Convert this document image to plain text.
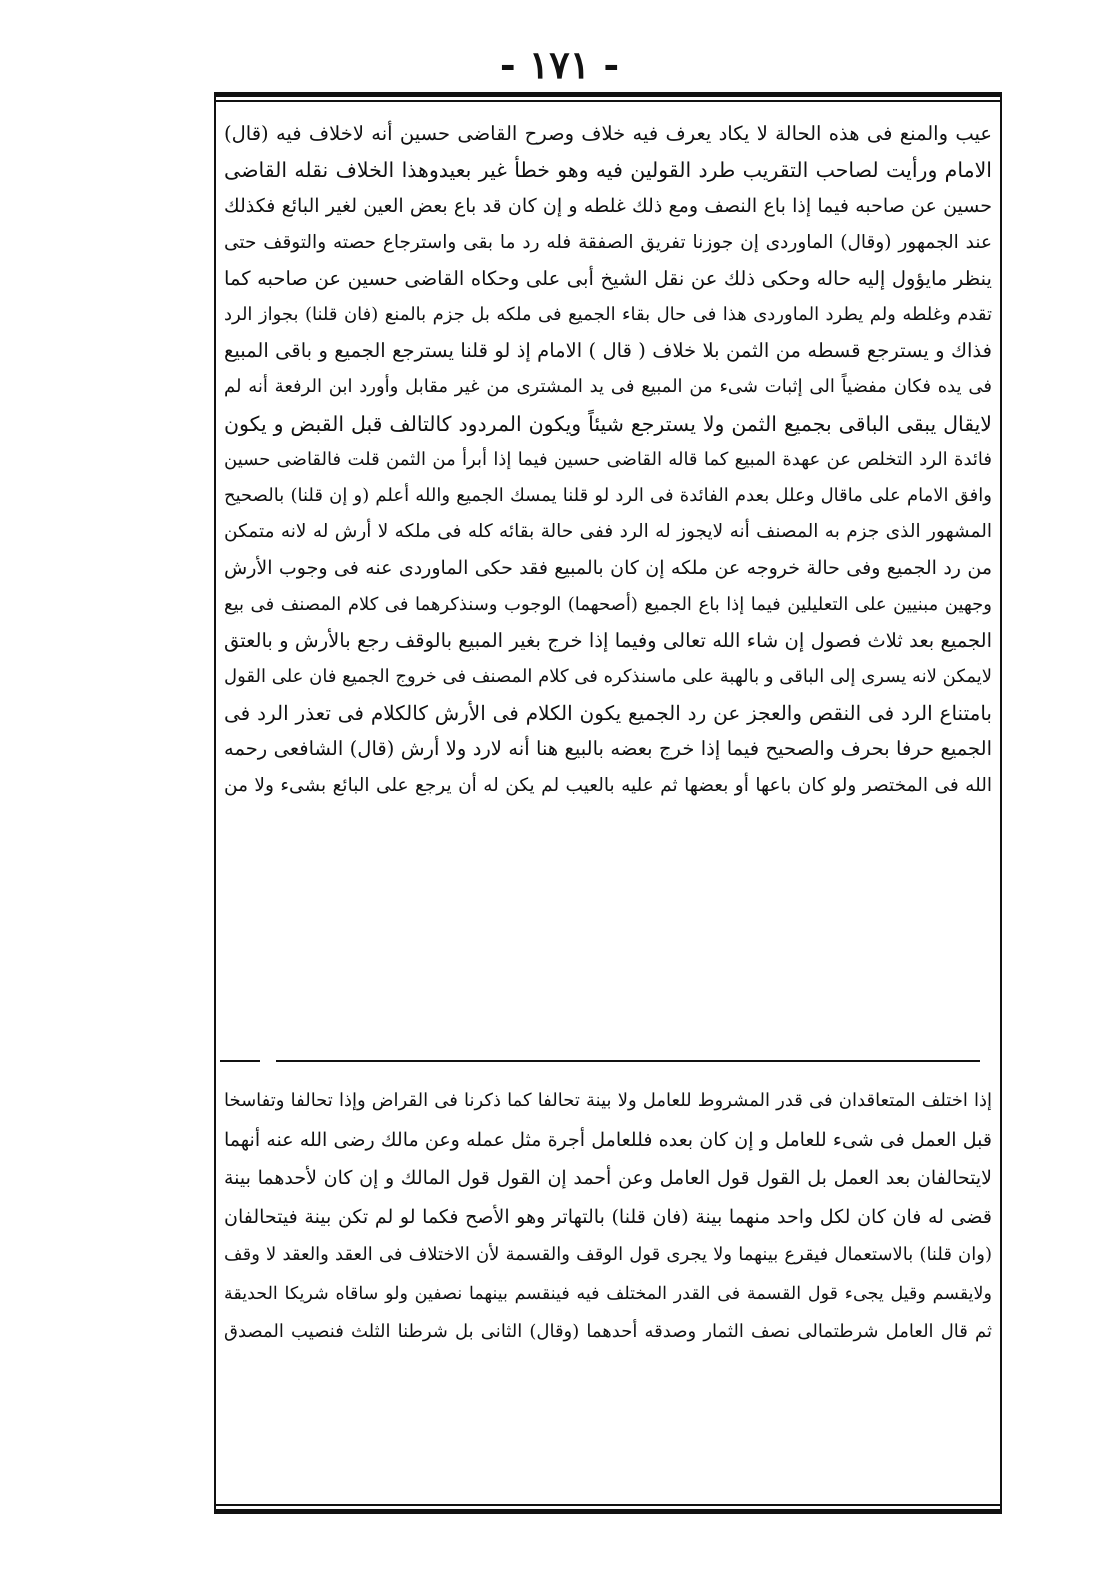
- ١٧١ -
عيب والمنع فى هذه الحالة لا يكاد يعرف فيه خلاف وصرح القاضى حسين أنه لاخلاف فيه (قال)
الامام ورأيت لصاحب التقريب طرد القولين فيه وهو خطأ غير بعيدوهذا الخلاف نقله القاضى
حسين عن صاحبه فيما إذا باع النصف ومع ذلك غلطه و إن كان قد باع بعض العين لغير البائع فكذلك
عند الجمهور (وقال) الماوردى إن جوزنا تفريق الصفقة فله رد ما بقى واسترجاع حصته والتوقف حتى
ينظر مايؤول إليه حاله وحكى ذلك عن نقل الشيخ أبى على وحكاه القاضى حسين عن صاحبه كما
تقدم وغلطه ولم يطرد الماوردى هذا فى حال بقاء الجميع فى ملكه بل جزم بالمنع (فان قلنا) بجواز الرد
فذاك و يسترجع قسطه من الثمن بلا خلاف ( قال ) الامام إذ لو قلنا يسترجع الجميع و باقى المبيع
فى يده فكان مفضياً الى إثبات شىء من المبيع فى يد المشترى من غير مقابل وأورد ابن الرفعة أنه لم
لايقال يبقى الباقى بجميع الثمن ولا يسترجع شيئاً ويكون المردود كالتالف قبل القبض و يكون
فائدة الرد التخلص عن عهدة المبيع كما قاله القاضى حسين فيما إذا أبرأ من الثمن قلت فالقاضى حسين
وافق الامام على ماقال وعلل بعدم الفائدة فى الرد لو قلنا يمسك الجميع والله أعلم (و إن قلنا) بالصحيح
المشهور الذى جزم به المصنف أنه لايجوز له الرد ففى حالة بقائه كله فى ملكه لا أرش له لانه متمكن
من رد الجميع وفى حالة خروجه عن ملكه إن كان بالمبيع فقد حكى الماوردى عنه فى وجوب الأرش
وجهين مبنيين على التعليلين فيما إذا باع الجميع (أصحهما) الوجوب وسنذكرهما فى كلام المصنف فى بيع
الجميع بعد ثلاث فصول إن شاء الله تعالى وفيما إذا خرج بغير المبيع بالوقف رجع بالأرش و بالعتق
لايمكن لانه يسرى إلى الباقى و بالهبة على ماسنذكره فى كلام المصنف فى خروج الجميع فان على القول
بامتناع الرد فى النقص والعجز عن رد الجميع يكون الكلام فى الأرش كالكلام فى تعذر الرد فى
الجميع حرفا بحرف والصحيح فيما إذا خرج بعضه بالبيع هنا أنه لارد ولا أرش (قال) الشافعى رحمه
الله فى المختصر ولو كان باعها أو بعضها ثم عليه بالعيب لم يكن له أن يرجع على البائع بشىء ولا من
إذا اختلف المتعاقدان فى قدر المشروط للعامل ولا بينة تحالفا كما ذكرنا فى القراض وإذا تحالفا وتفاسخا
قبل العمل فى شىء للعامل و إن كان بعده فللعامل أجرة مثل عمله وعن مالك رضى الله عنه أنهما
لايتحالفان بعد العمل بل القول قول العامل وعن أحمد إن القول قول المالك و إن كان لأحدهما بينة
قضى له فان كان لكل واحد منهما بينة (فان قلنا) بالتهاتر وهو الأصح فكما لو لم تكن بينة فيتحالفان
(وان قلنا) بالاستعمال فيقرع بينهما ولا يجرى قول الوقف والقسمة لأن الاختلاف فى العقد والعقد لا وقف
ولايقسم وقيل يجىء قول القسمة فى القدر المختلف فيه فينقسم بينهما نصفين ولو ساقاه شريكا الحديقة
ثم قال العامل شرطتمالى نصف الثمار وصدقه أحدهما (وقال) الثانى بل شرطنا الثلث فنصيب المصدق
